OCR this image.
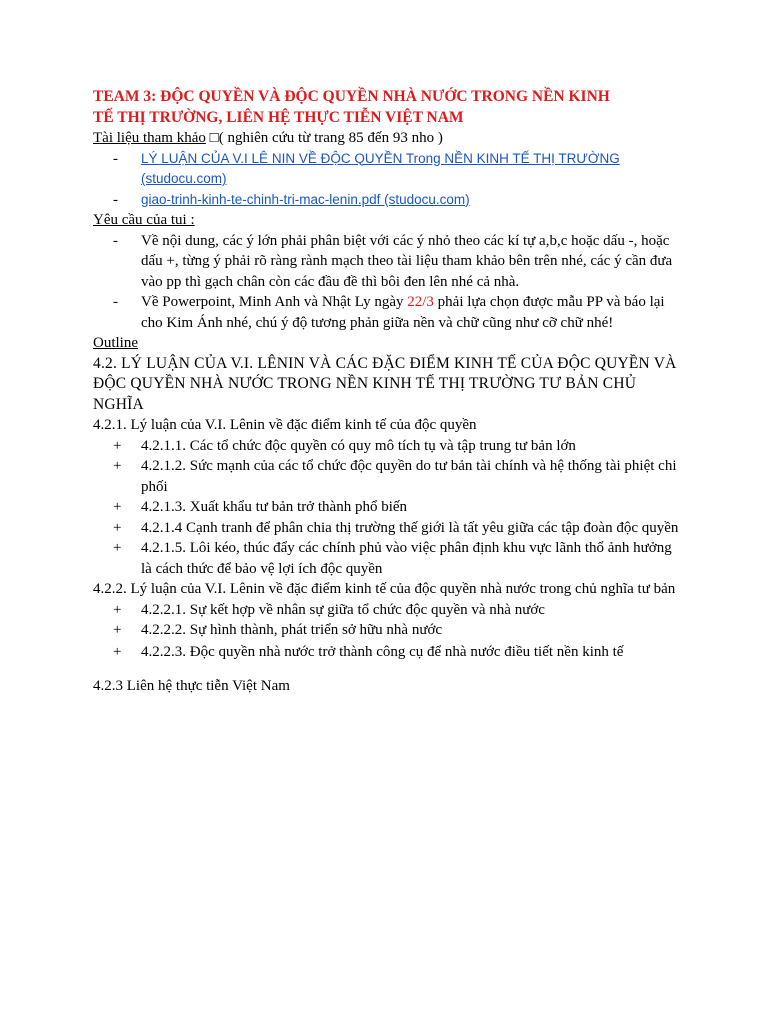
TEAM 3: ĐỘC QUYỀN VÀ ĐỘC QUYỀN NHÀ NƯỚC TRONG NỀN KINH
TẾ THỊ TRƯỜNG, LIÊN HỆ THỰC TIỄN VIỆT NAM

Tài liệu tham khảo □( nghiên cứu từ trang 85 đến 93 nho )

- LÝ LUẬN CỦA V.I LÊ NIN VỀ ĐỘC QUYỀN Trong NỀN KINH TẾ THỊ TRƯỜNG (studocu.com)
- giao-trinh-kinh-te-chinh-tri-mac-lenin.pdf (studocu.com)

Yêu cầu của tui :

- Về nội dung, các ý lớn phải phân biệt với các ý nhỏ theo các kí tự a,b,c hoặc dấu -, hoặc dấu +, từng ý phải rõ ràng rành mạch theo tài liệu tham khảo bên trên nhé, các ý cần đưa vào pp thì gạch chân còn các đầu đề thì bôi đen lên nhé cả nhà.
- Về Powerpoint, Minh Anh và Nhật Ly ngày 22/3 phải lựa chọn được mẫu PP và báo lại cho Kim Ánh nhé, chú ý độ tương phản giữa nền và chữ cũng như cỡ chữ nhé!

Outline

4.2. LÝ LUẬN CỦA V.I. LÊNIN VÀ CÁC ĐẶC ĐIỂM KINH TẾ CỦA ĐỘC QUYỀN VÀ ĐỘC QUYỀN NHÀ NƯỚC TRONG NỀN KINH TẾ THỊ TRƯỜNG TƯ BẢN CHỦ NGHĨA

4.2.1. Lý luận của V.I. Lênin về đặc điểm kinh tế của độc quyền

+ 4.2.1.1. Các tổ chức độc quyền có quy mô tích tụ và tập trung tư bản lớn
+ 4.2.1.2. Sức mạnh của các tổ chức độc quyền do tư bản tài chính và hệ thống tài phiệt chi phối
+ 4.2.1.3. Xuất khẩu tư bản trở thành phổ biến
+ 4.2.1.4 Cạnh tranh để phân chia thị trường thế giới là tất yêu giữa các tập đoàn độc quyền
+ 4.2.1.5. Lôi kéo, thúc đẩy các chính phủ vào việc phân định khu vực lãnh thổ ảnh hưởng là cách thức để bảo vệ lợi ích độc quyền

4.2.2. Lý luận của V.I. Lênin về đặc điểm kinh tế của độc quyền nhà nước trong chủ nghĩa tư bản

+ 4.2.2.1. Sự kết hợp về nhân sự giữa tổ chức độc quyền và nhà nước
+ 4.2.2.2. Sự hình thành, phát triển sở hữu nhà nước
+ 4.2.2.3. Độc quyền nhà nước trở thành công cụ để nhà nước điều tiết nền kinh tế

4.2.3 Liên hệ thực tiễn Việt Nam
